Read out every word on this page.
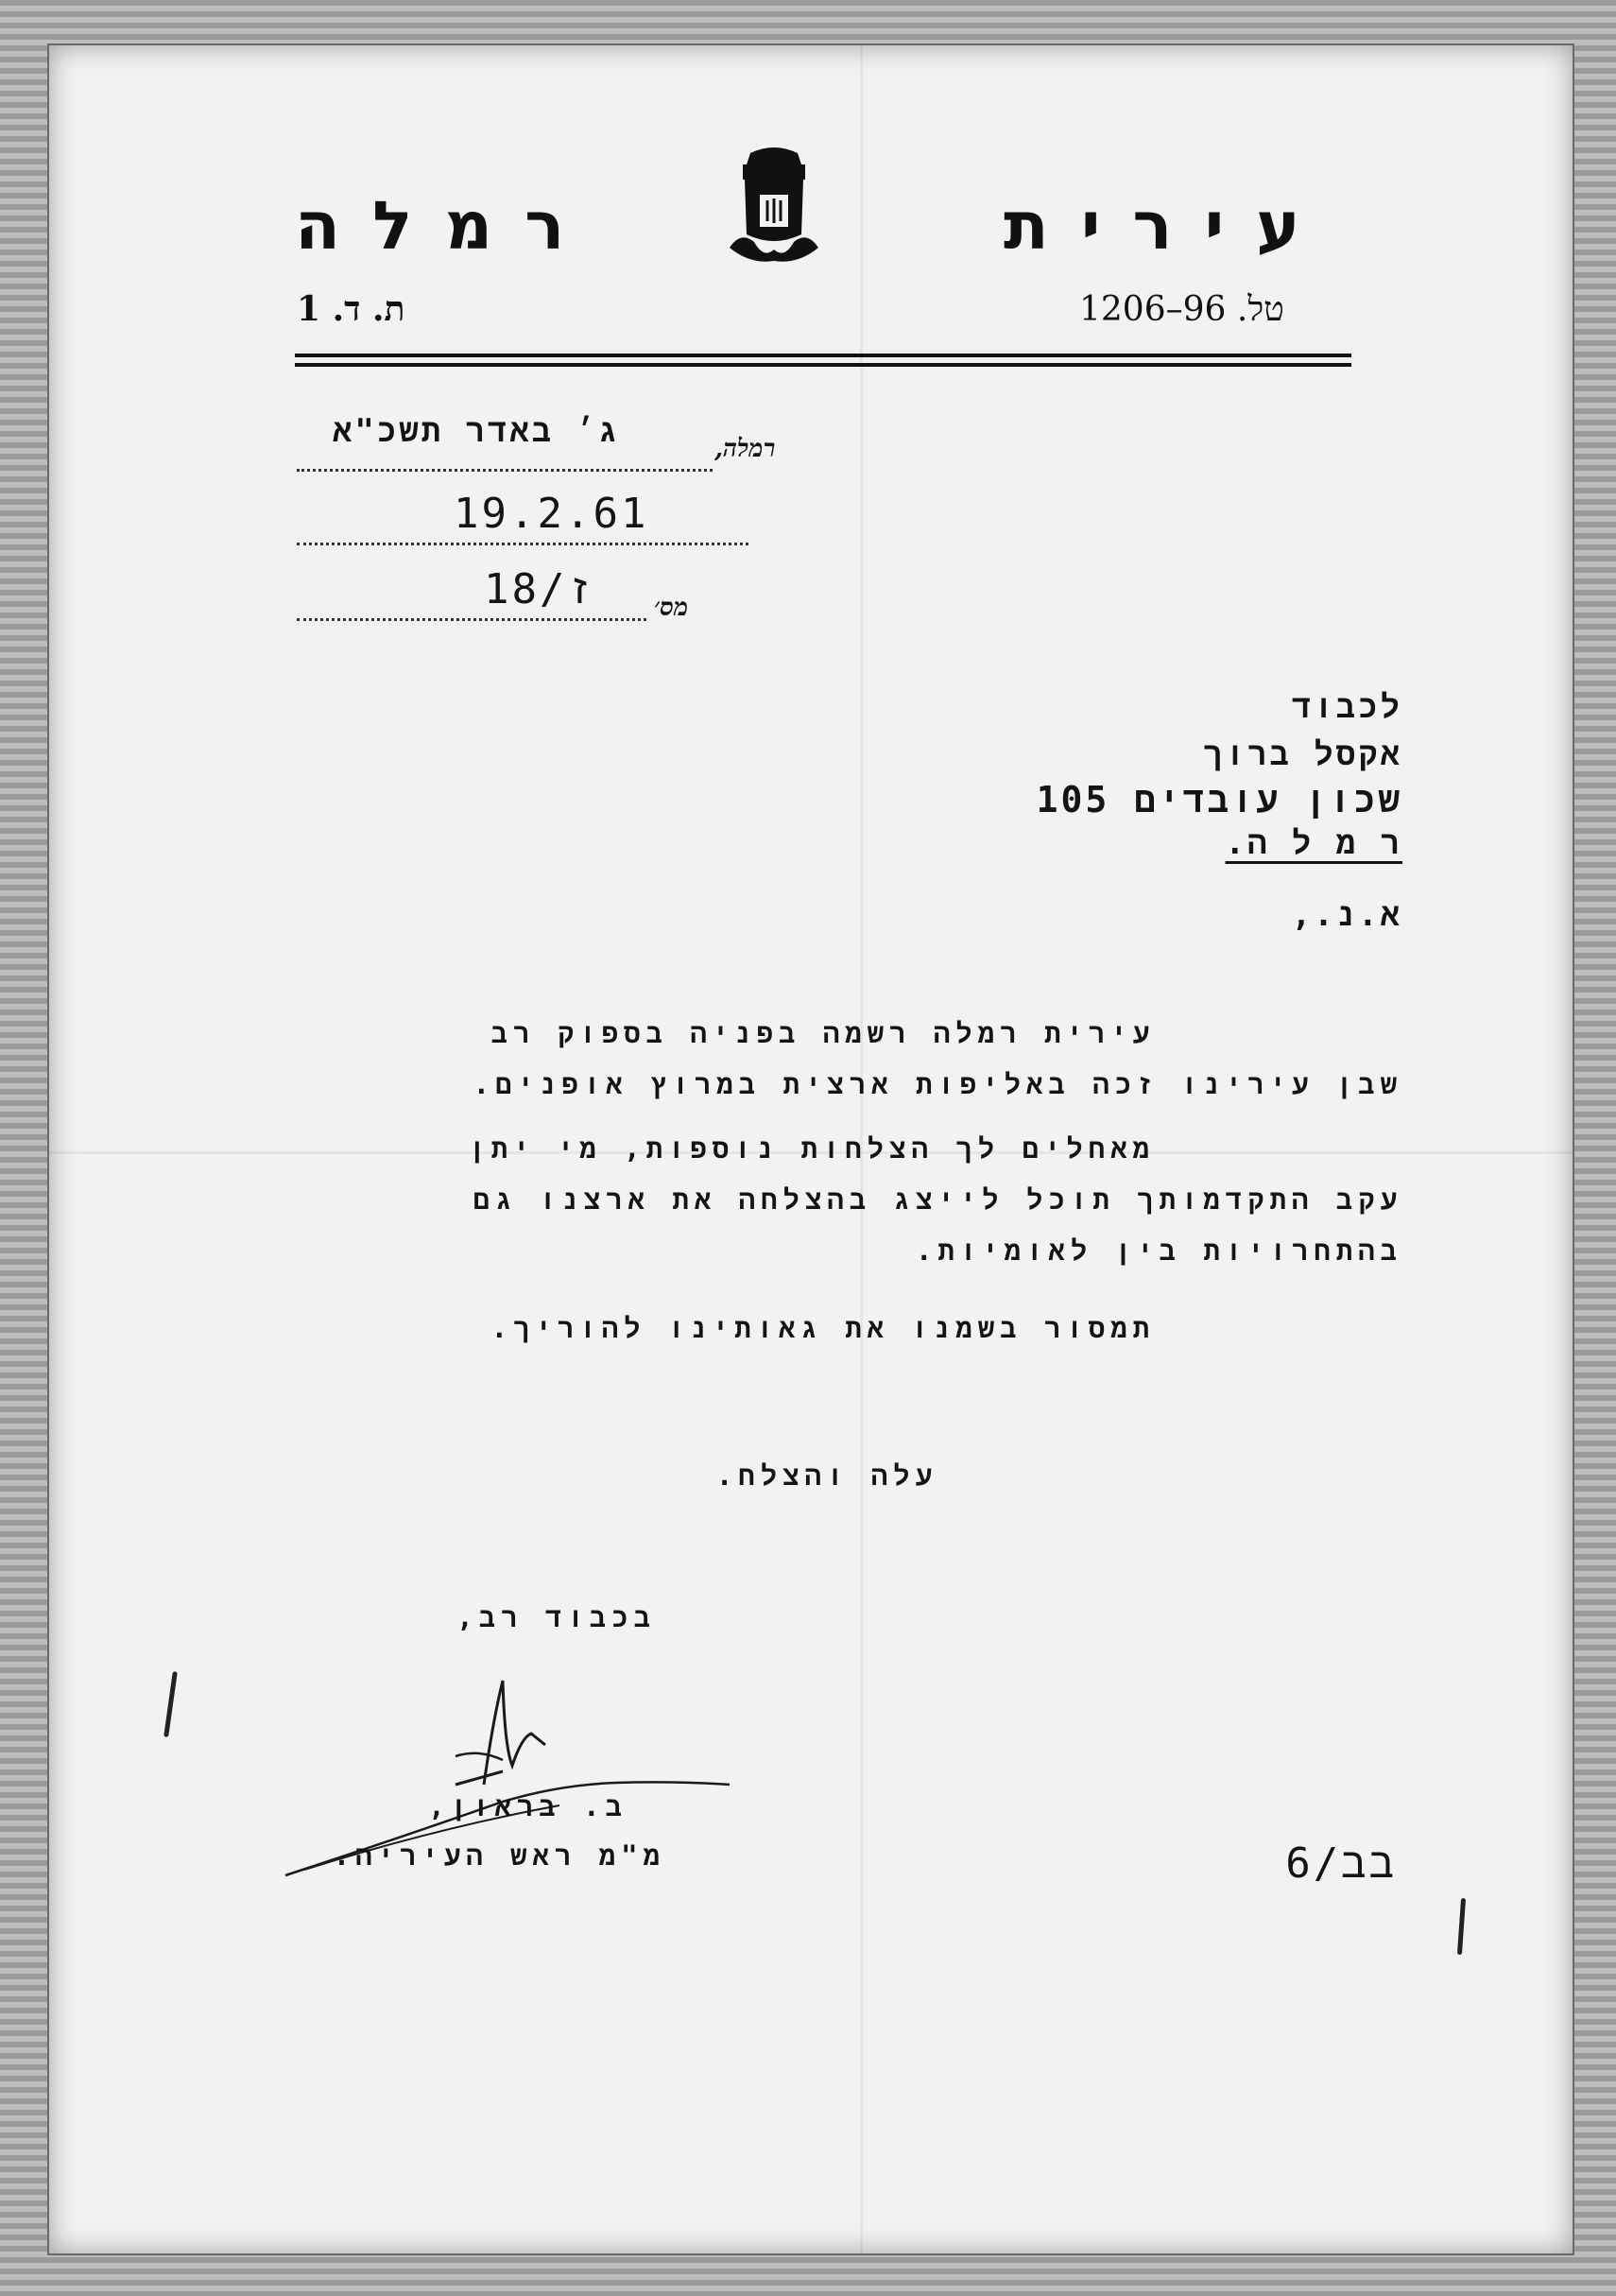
עירית
רמלה
טל. 96–1206
ת. ד. 1
ג׳ באדר תשכ"א	רמלה,
19.2.61
ז/18 מס׳
לכבוד
אקסל ברוך
שכון עובדים 105
ר מ ל ה.
א.נ.,
עירית רמלה רשמה בפניה בספוק רב
שבן עירינו זכה באליפות ארצית במרוץ אופנים.
מאחלים לך הצלחות נוספות, מי יתן
עקב התקדמותך תוכל לייצג בהצלחה את ארצנו גם
בהתחרויות בין לאומיות.
תמסור בשמנו את גאותינו להוריך.
עלה והצלח.
בכבוד רב,
ב. בראון,
מ"מ ראש העיריה.	בב/6
